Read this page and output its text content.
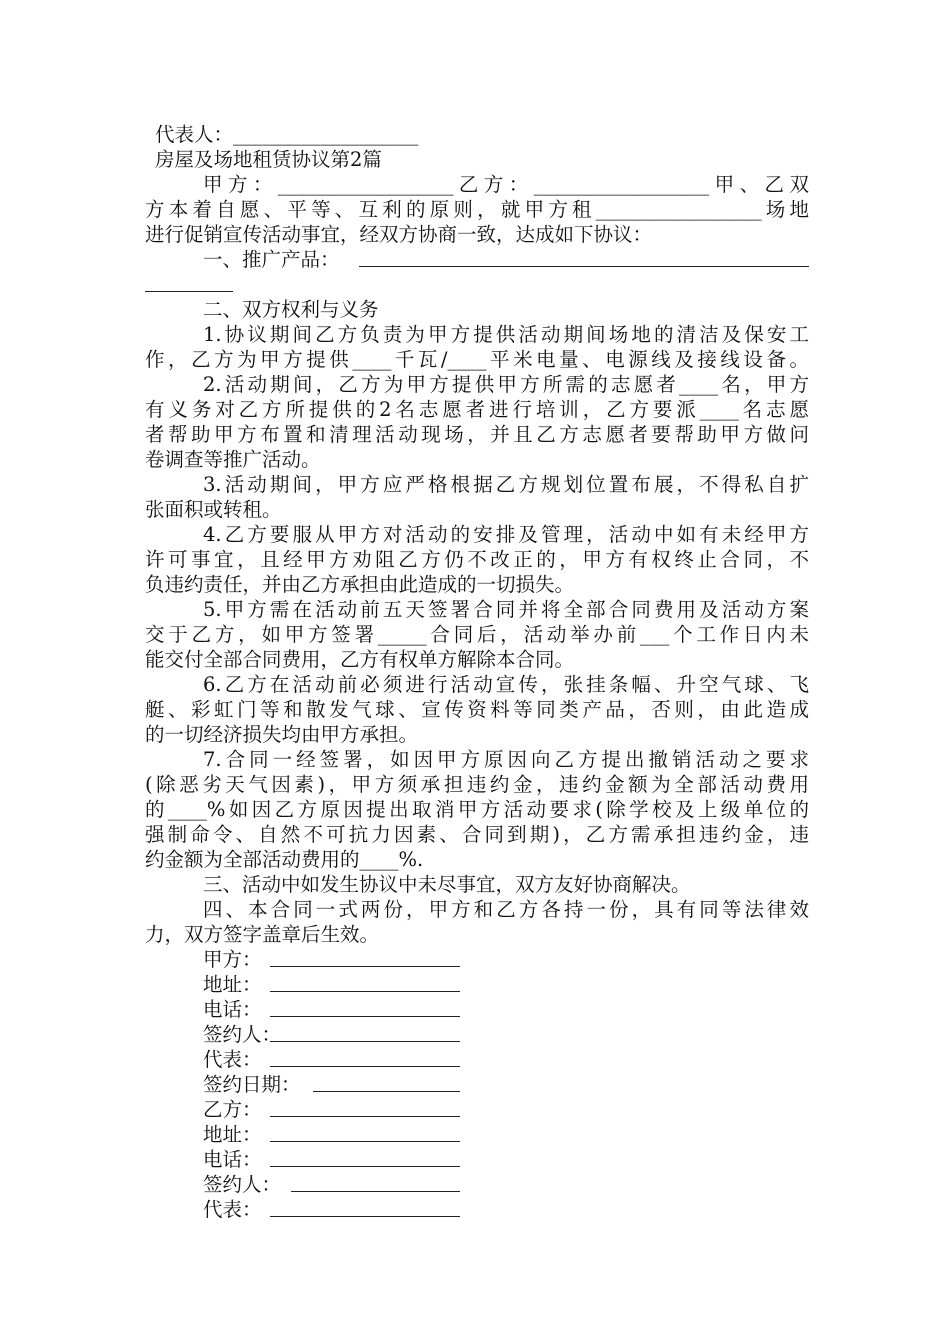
代表人：___________________
房屋及场地租赁协议第2篇
甲方：__________________乙方：__________________甲、乙双
方本着自愿、平等、互利的原则，就甲方租_________________场地
进行促销宣传活动事宜，经双方协商一致，达成如下协议：
一、推广产品：
二、双方权利与义务
1.协议期间乙方负责为甲方提供活动期间场地的清洁及保安工
作，乙方为甲方提供____千瓦/____平米电量、电源线及接线设备。
2.活动期间，乙方为甲方提供甲方所需的志愿者____名，甲方
有义务对乙方所提供的2名志愿者进行培训，乙方要派____名志愿
者帮助甲方布置和清理活动现场，并且乙方志愿者要帮助甲方做问
卷调查等推广活动。
3.活动期间，甲方应严格根据乙方规划位置布展，不得私自扩
张面积或转租。
4.乙方要服从甲方对活动的安排及管理，活动中如有未经甲方
许可事宜，且经甲方劝阻乙方仍不改正的，甲方有权终止合同，不
负违约责任，并由乙方承担由此造成的一切损失。
5.甲方需在活动前五天签署合同并将全部合同费用及活动方案
交于乙方，如甲方签署_____合同后，活动举办前___个工作日内未
能交付全部合同费用，乙方有权单方解除本合同。
6.乙方在活动前必须进行活动宣传，张挂条幅、升空气球、飞
艇、彩虹门等和散发气球、宣传资料等同类产品，否则，由此造成
的一切经济损失均由甲方承担。
7.合同一经签署，如因甲方原因向乙方提出撤销活动之要求
(除恶劣天气因素)，甲方须承担违约金，违约金额为全部活动费用
的____%如因乙方原因提出取消甲方活动要求(除学校及上级单位的
强制命令、自然不可抗力因素、合同到期)，乙方需承担违约金，违
约金额为全部活动费用的____%.
三、活动中如发生协议中未尽事宜，双方友好协商解决。
四、本合同一式两份，甲方和乙方各持一份，具有同等法律效
力，双方签字盖章后生效。
甲方：
地址：
电话：
签约人：
代表：
签约日期：
乙方：
地址：
电话：
签约人：
代表：
